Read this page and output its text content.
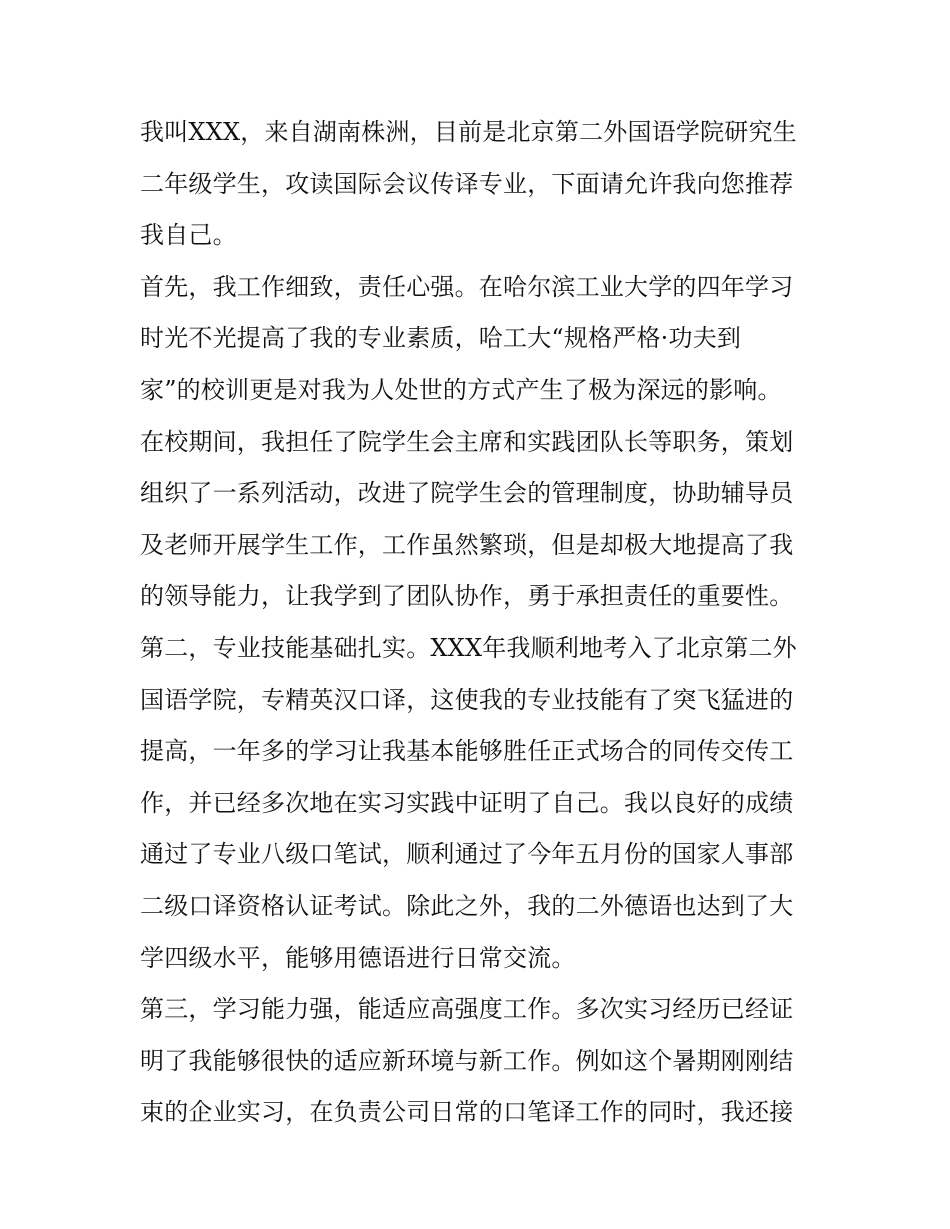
我叫XXX，来自湖南株洲，目前是北京第二外国语学院研究生
二年级学生，攻读国际会议传译专业，下面请允许我向您推荐
我自己。
首先，我工作细致，责任心强。在哈尔滨工业大学的四年学习
时光不光提高了我的专业素质，哈工大“规格严格·功夫到
家”的校训更是对我为人处世的方式产生了极为深远的影响。
在校期间，我担任了院学生会主席和实践团队长等职务，策划
组织了一系列活动，改进了院学生会的管理制度，协助辅导员
及老师开展学生工作，工作虽然繁琐，但是却极大地提高了我
的领导能力，让我学到了团队协作，勇于承担责任的重要性。
第二，专业技能基础扎实。XXX年我顺利地考入了北京第二外
国语学院，专精英汉口译，这使我的专业技能有了突飞猛进的
提高，一年多的学习让我基本能够胜任正式场合的同传交传工
作，并已经多次地在实习实践中证明了自己。我以良好的成绩
通过了专业八级口笔试，顺利通过了今年五月份的国家人事部
二级口译资格认证考试。除此之外，我的二外德语也达到了大
学四级水平，能够用德语进行日常交流。
第三，学习能力强，能适应高强度工作。多次实习经历已经证
明了我能够很快的适应新环境与新工作。例如这个暑期刚刚结
束的企业实习，在负责公司日常的口笔译工作的同时，我还接
